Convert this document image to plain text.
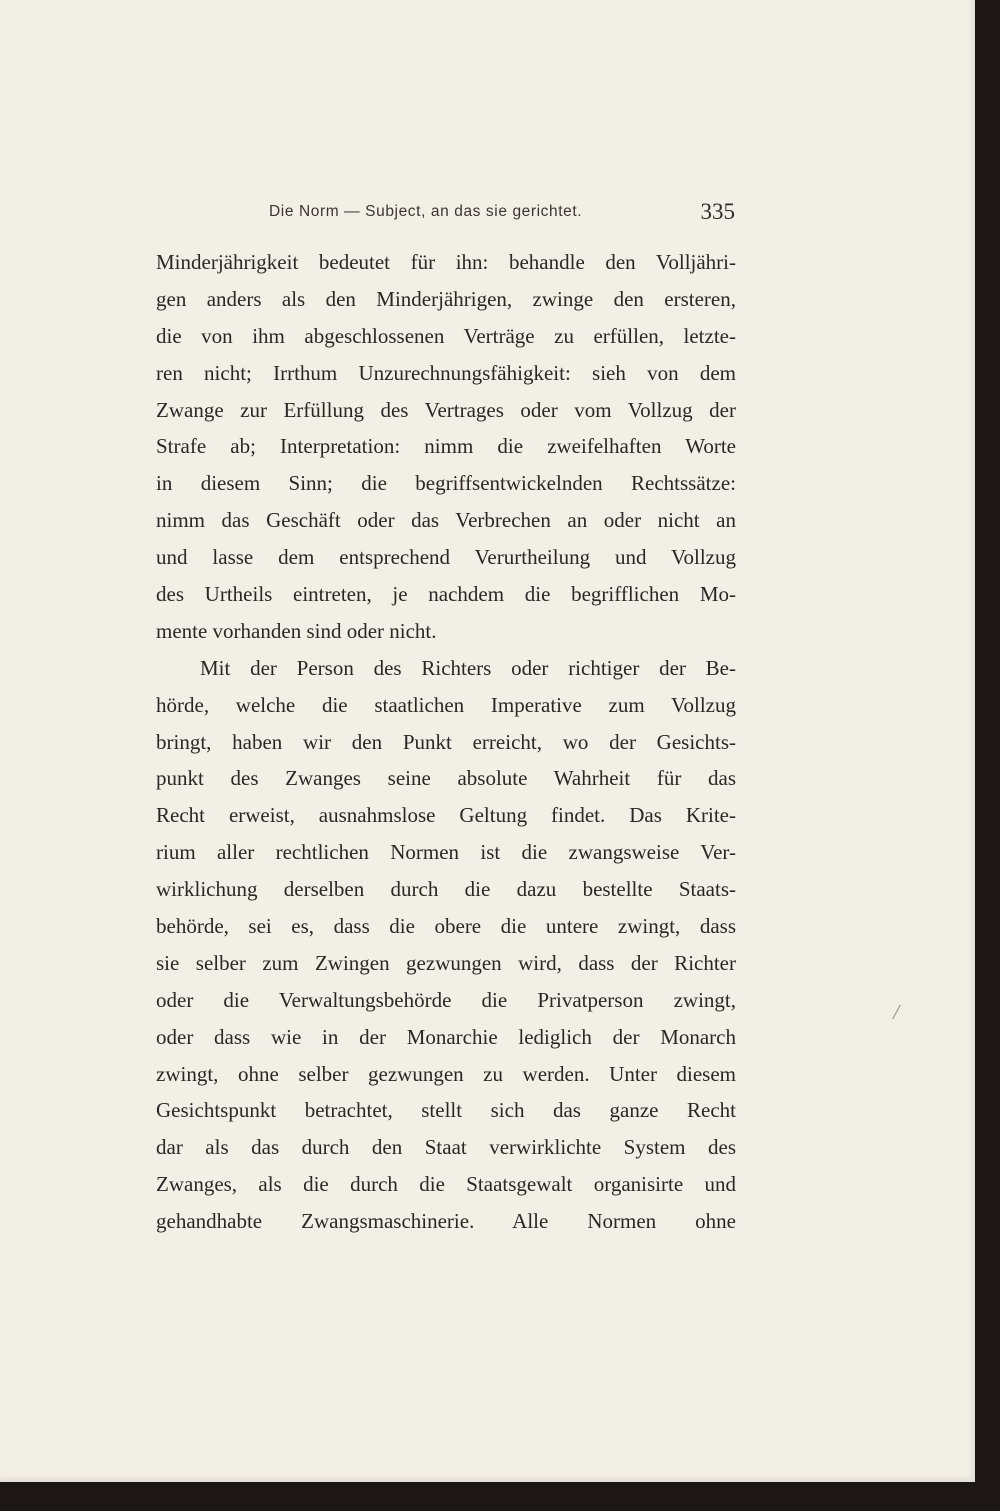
Die Norm — Subject, an das sie gerichtet.	335
Minderjährigkeit bedeutet für ihn: behandle den Volljähri-
gen anders als den Minderjährigen, zwinge den ersteren,
die von ihm abgeschlossenen Verträge zu erfüllen, letzte-
ren nicht; Irrthum Unzurechnungsfähigkeit: sieh von dem
Zwange zur Erfüllung des Vertrages oder vom Vollzug der
Strafe ab; Interpretation: nimm die zweifelhaften Worte
in diesem Sinn; die begriffsentwickelnden Rechtssätze:
nimm das Geschäft oder das Verbrechen an oder nicht an
und lasse dem entsprechend Verurtheilung und Vollzug
des Urtheils eintreten, je nachdem die begrifflichen Mo-
mente vorhanden sind oder nicht.
Mit der Person des Richters oder richtiger der Be-
hörde, welche die staatlichen Imperative zum Vollzug
bringt, haben wir den Punkt erreicht, wo der Gesichts-
punkt des Zwanges seine absolute Wahrheit für das
Recht erweist, ausnahmslose Geltung findet. Das Krite-
rium aller rechtlichen Normen ist die zwangsweise Ver-
wirklichung derselben durch die dazu bestellte Staats-
behörde, sei es, dass die obere die untere zwingt, dass
sie selber zum Zwingen gezwungen wird, dass der Richter
oder die Verwaltungsbehörde die Privatperson zwingt,
oder dass wie in der Monarchie lediglich der Monarch
zwingt, ohne selber gezwungen zu werden. Unter diesem
Gesichtspunkt betrachtet, stellt sich das ganze Recht
dar als das durch den Staat verwirklichte System des
Zwanges, als die durch die Staatsgewalt organisirte und
gehandhabte Zwangsmaschinerie. Alle Normen ohne
